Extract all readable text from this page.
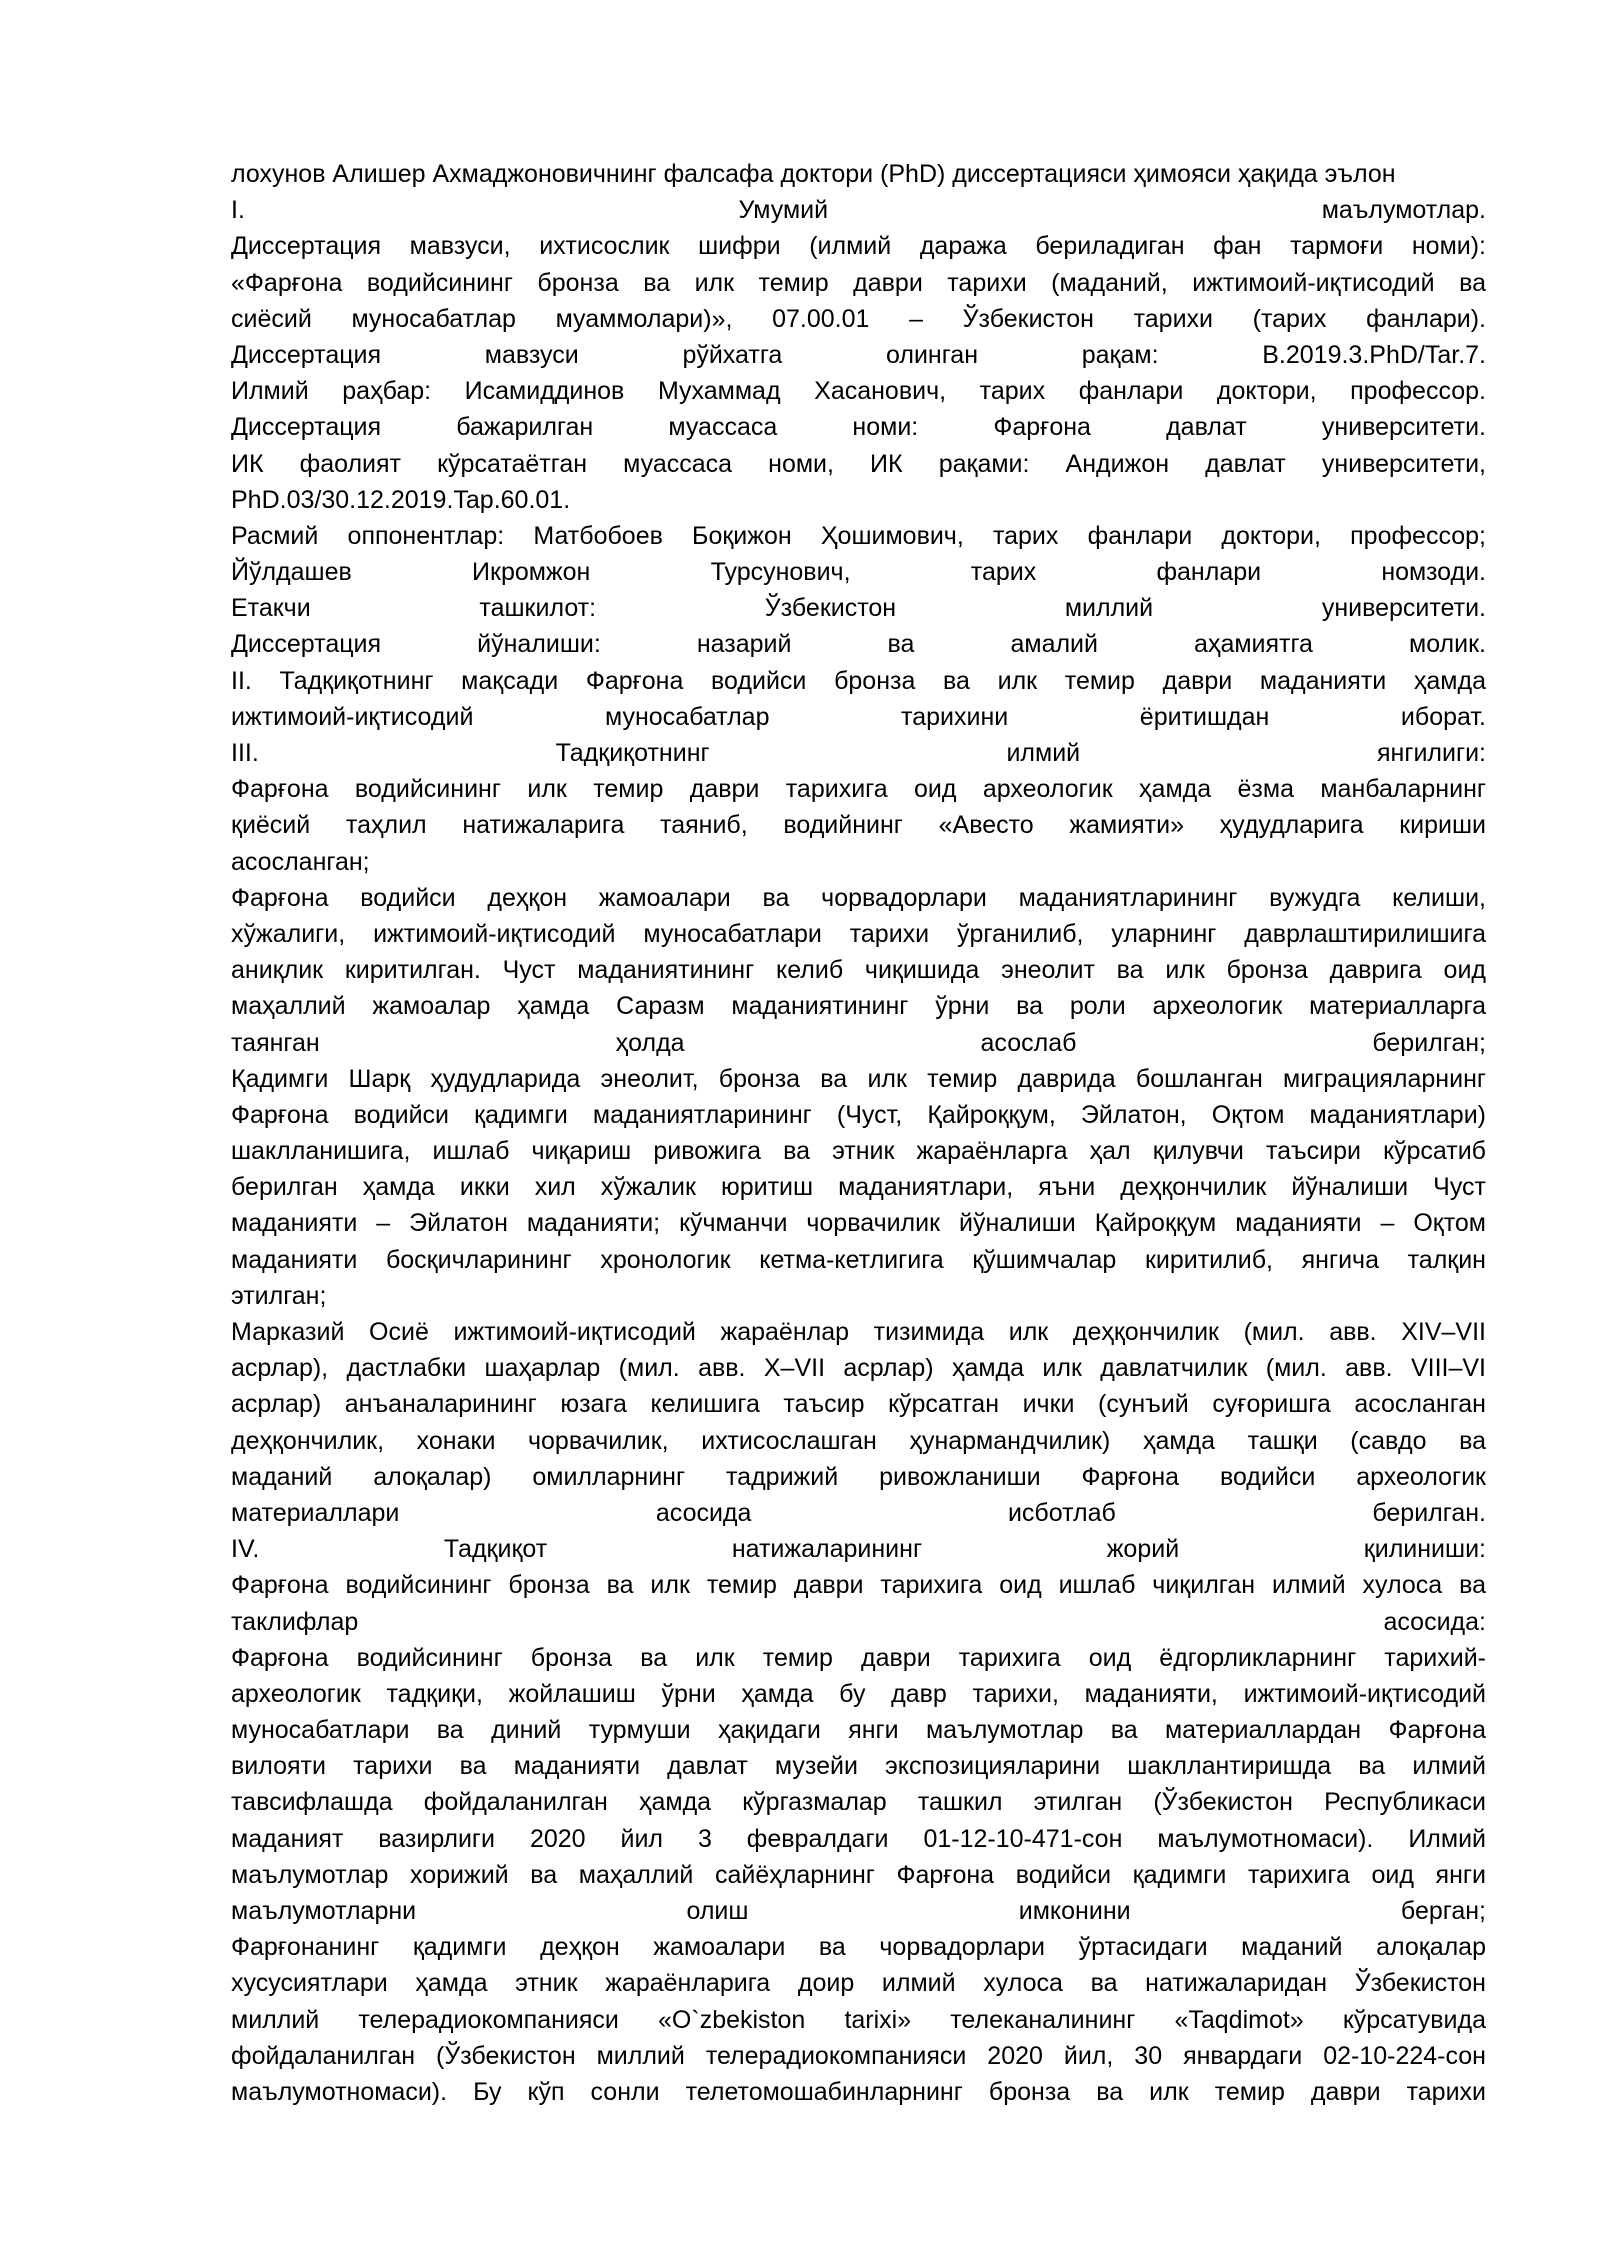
лохунов Алишер Ахмаджоновичнинг фалсафа доктори (PhD) диссертацияси ҳимояси ҳақида эълон
I. Умумий маълумотлар.
Диссертация мавзуси, ихтисослик шифри (илмий даража бериладиган фан тармоғи номи):
«Фарғона водийсининг бронза ва илк темир даври тарихи (маданий, ижтимоий-иқтисодий ва
сиёсий муносабатлар муаммолари)», 07.00.01 – Ўзбекистон тарихи (тарих фанлари).
Диссертация мавзуси рўйхатга олинган рақам: B.2019.3.PhD/Tar.7.
Илмий раҳбар: Исамиддинов Мухаммад Хасанович, тарих фанлари доктори, профессор.
Диссертация бажарилган муассаса номи: Фарғона давлат университети.
ИК фаолият кўрсатаётган муассаса номи, ИК рақами: Андижон давлат университети,
PhD.03/30.12.2019.Tap.60.01.
Расмий оппонентлар: Матбобоев Боқижон Ҳошимович, тарих фанлари доктори, профессор;
Йўлдашев Икромжон Турсунович, тарих фанлари номзоди.
Етакчи ташкилот: Ўзбекистон миллий университети.
Диссертация йўналиши: назарий ва амалий аҳамиятга молик.
II. Тадқиқотнинг мақсади Фарғона водийси бронза ва илк темир даври маданияти ҳамда
ижтимоий-иқтисодий муносабатлар тарихини ёритишдан иборат.
III. Тадқиқотнинг илмий янгилиги:
Фарғона водийсининг илк темир даври тарихига оид археологик ҳамда ёзма манбаларнинг
қиёсий таҳлил натижаларига таяниб, водийнинг «Авесто жамияти» ҳудудларига кириши
асосланган;
Фарғона водийси деҳқон жамоалари ва чорвадорлари маданиятларининг вужудга келиши,
хўжалиги, ижтимоий-иқтисодий муносабатлари тарихи ўрганилиб, уларнинг даврлаштирилишига
аниқлик киритилган. Чуст маданиятининг келиб чиқишида энеолит ва илк бронза даврига оид
маҳаллий жамоалар ҳамда Саразм маданиятининг ўрни ва роли археологик материалларга
таянган ҳолда асослаб берилган;
Қадимги Шарқ ҳудудларида энеолит, бронза ва илк темир даврида бошланган миграцияларнинг
Фарғона водийси қадимги маданиятларининг (Чуст, Қайроққум, Эйлатон, Оқтом маданиятлари)
шаклланишига, ишлаб чиқариш ривожига ва этник жараёнларга ҳал қилувчи таъсири кўрсатиб
берилган ҳамда икки хил хўжалик юритиш маданиятлари, яъни деҳқончилик йўналиши Чуст
маданияти – Эйлатон маданияти; кўчманчи чорвачилик йўналиши Қайроққум маданияти – Оқтом
маданияти босқичларининг хронологик кетма-кетлигига қўшимчалар киритилиб, янгича талқин
этилган;
Марказий Осиё ижтимоий-иқтисодий жараёнлар тизимида илк деҳқончилик (мил. авв. XIV–VII
асрлар), дастлабки шаҳарлар (мил. авв. X–VII асрлар) ҳамда илк давлатчилик (мил. авв. VIII–VI
асрлар) анъаналарининг юзага келишига таъсир кўрсатган ички (сунъий суғоришга асосланган
деҳқончилик, хонаки чорвачилик, ихтисослашган ҳунармандчилик) ҳамда ташқи (савдо ва
маданий алоқалар) омилларнинг тадрижий ривожланиши Фарғона водийси археологик
материаллари асосида исботлаб берилган.
IV. Тадқиқот натижаларининг жорий қилиниши:
Фарғона водийсининг бронза ва илк темир даври тарихига оид ишлаб чиқилган илмий хулоса ва
таклифлар асосида:
Фарғона водийсининг бронза ва илк темир даври тарихига оид ёдгорликларнинг тарихий-
археологик тадқиқи, жойлашиш ўрни ҳамда бу давр тарихи, маданияти, ижтимоий-иқтисодий
муносабатлари ва диний турмуши ҳақидаги янги маълумотлар ва материаллардан Фарғона
вилояти тарихи ва маданияти давлат музейи экспозицияларини шакллантиришда ва илмий
тавсифлашда фойдаланилган ҳамда кўргазмалар ташкил этилган (Ўзбекистон Республикаси
маданият вазирлиги 2020 йил 3 февралдаги 01-12-10-471-сон маълумотномаси). Илмий
маълумотлар хорижий ва маҳаллий сайёҳларнинг Фарғона водийси қадимги тарихига оид янги
маълумотларни олиш имконини берган;
Фарғонанинг қадимги деҳқон жамоалари ва чорвадорлари ўртасидаги маданий алоқалар
хусусиятлари ҳамда этник жараёнларига доир илмий хулоса ва натижаларидан Ўзбекистон
миллий телерадиокомпанияси «O`zbekiston tarixi» телеканалининг «Taqdimot» кўрсатувида
фойдаланилган (Ўзбекистон миллий телерадиокомпанияси 2020 йил, 30 январдаги 02-10-224-сон
маълумотномаси). Бу кўп сонли телетомошабинларнинг бронза ва илк темир даври тарихи
